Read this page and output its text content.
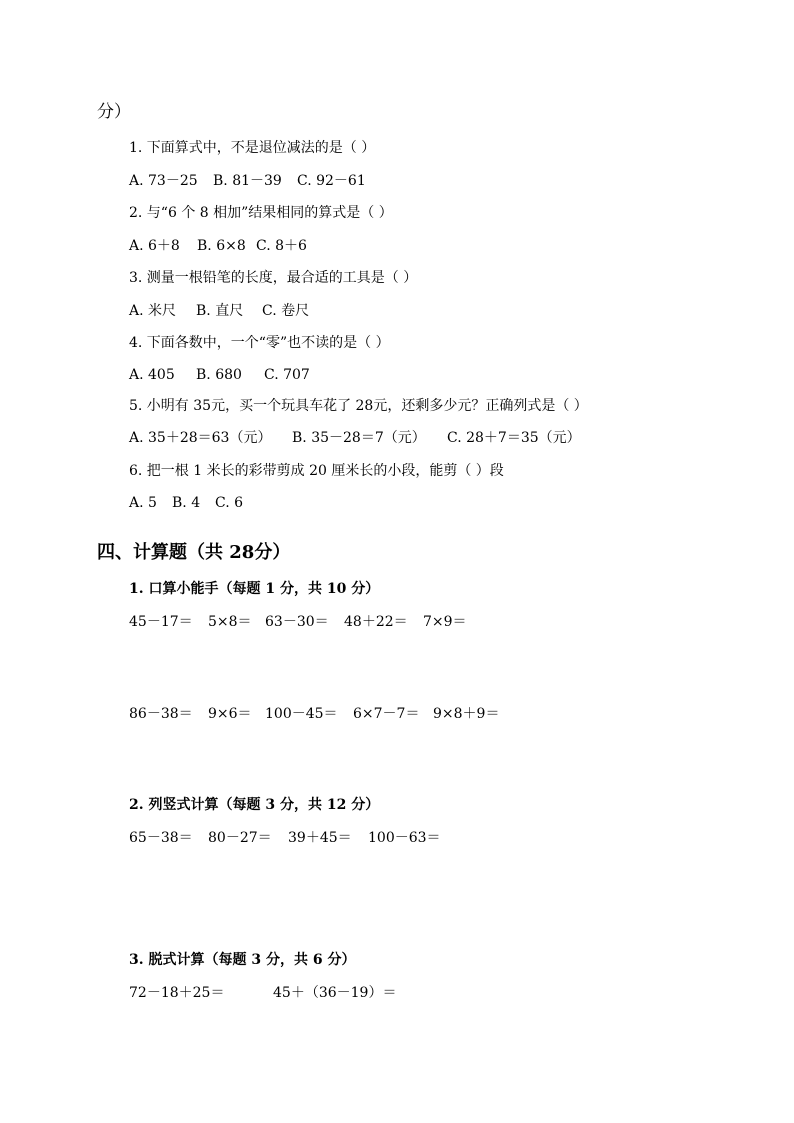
分）
1. 下面算式中，不是退位减法的是（ ）
A. 73－25 B. 81－39 C. 92－61
2. 与“6 个 8 相加”结果相同的算式是（ ）
A. 6＋8 B. 6×8 C. 8＋6
3. 测量一根铅笔的长度，最合适的工具是（ ）
A. 米尺 B. 直尺 C. 卷尺
4. 下面各数中，一个“零”也不读的是（ ）
A. 405 B. 680 C. 707
5. 小明有 35元，买一个玩具车花了 28元，还剩多少元？正确列式是（ ）
A. 35＋28＝63（元） B. 35－28＝7（元） C. 28＋7＝35（元）
6. 把一根 1 米长的彩带剪成 20 厘米长的小段，能剪（ ）段
A. 5 B. 4 C. 6
四、计算题（共 28分）
1. 口算小能手（每题 1 分，共 10 分）
45－17＝ 5×8＝ 63－30＝ 48＋22＝ 7×9＝
86－38＝ 9×6＝ 100－45＝ 6×7－7＝ 9×8＋9＝
2. 列竖式计算（每题 3 分，共 12 分）
65－38＝ 80－27＝ 39＋45＝ 100－63＝
3. 脱式计算（每题 3 分，共 6 分）
72－18＋25＝	45＋（36－19）＝
